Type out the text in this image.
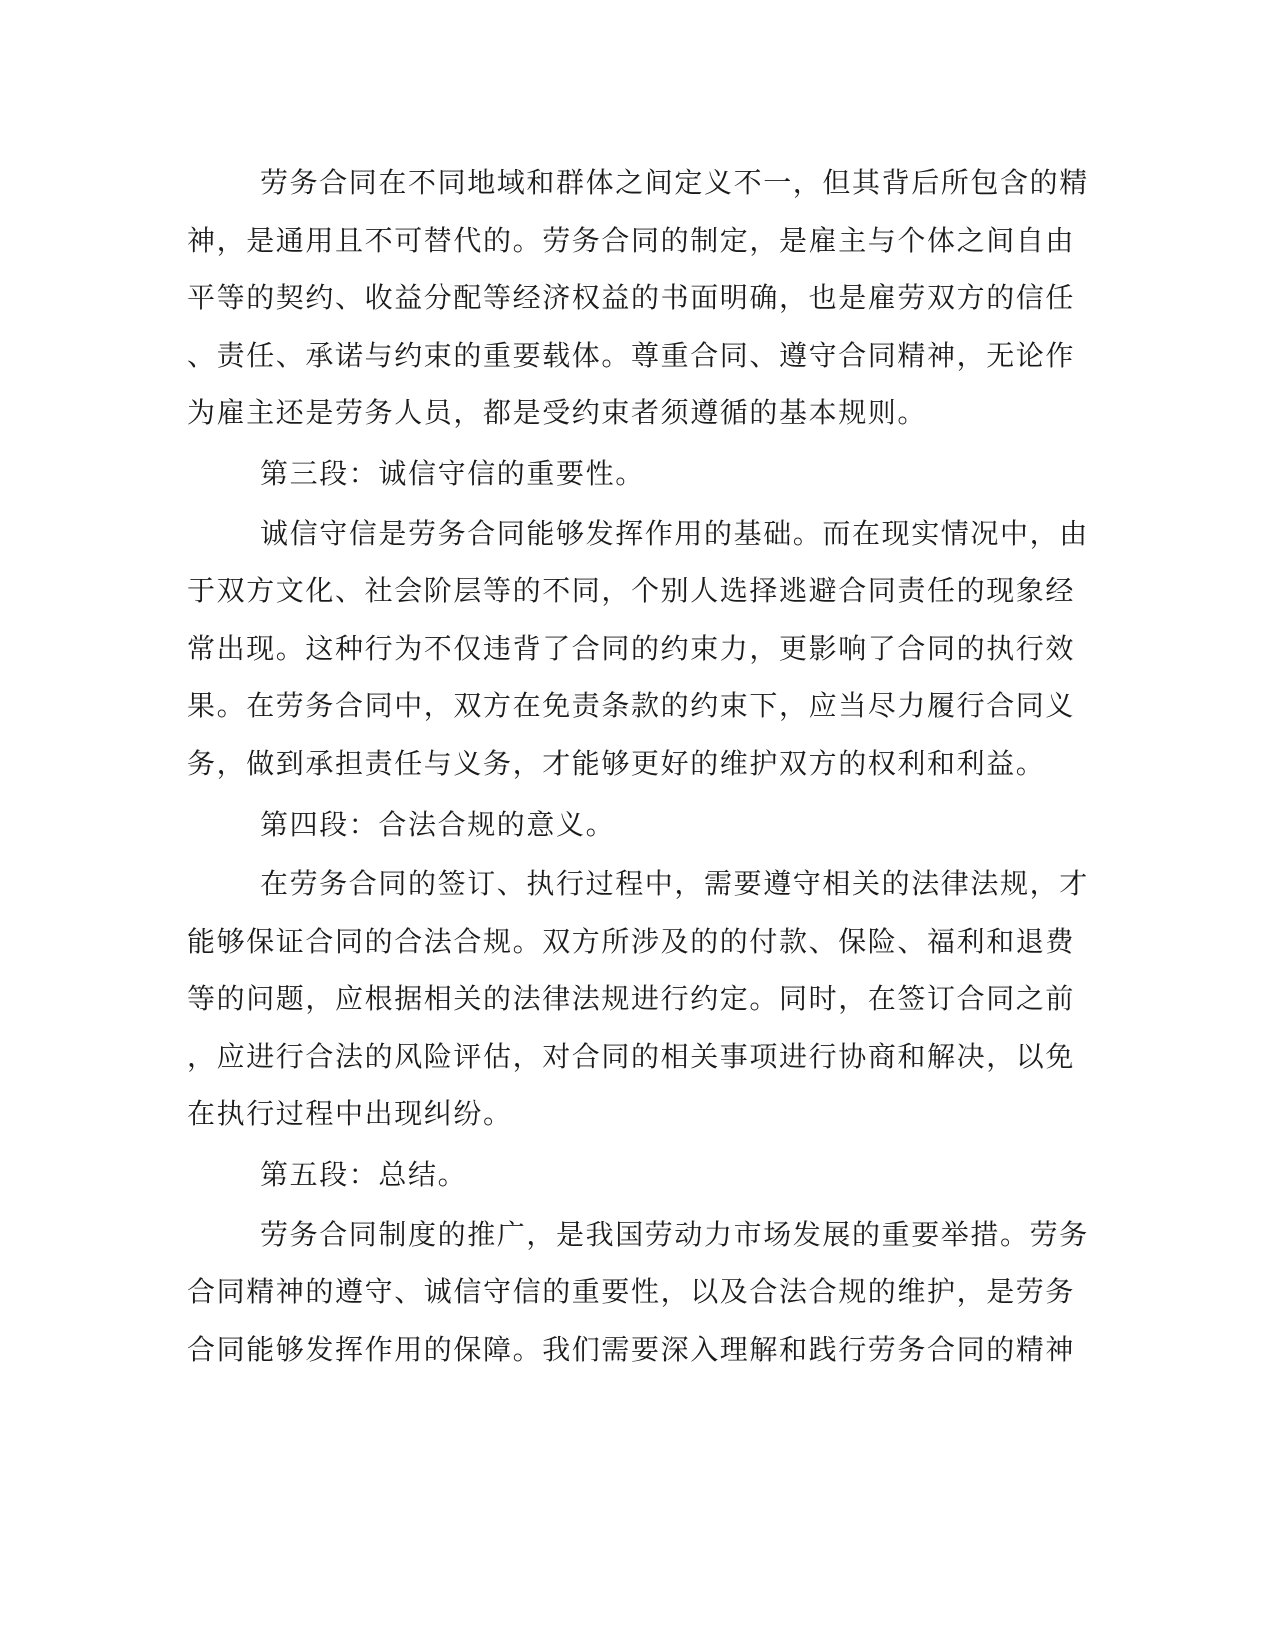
劳务合同在不同地域和群体之间定义不一，但其背后所包含的精
神，是通用且不可替代的。劳务合同的制定，是雇主与个体之间自由
平等的契约、收益分配等经济权益的书面明确，也是雇劳双方的信任
、责任、承诺与约束的重要载体。尊重合同、遵守合同精神，无论作
为雇主还是劳务人员，都是受约束者须遵循的基本规则。
第三段：诚信守信的重要性。
诚信守信是劳务合同能够发挥作用的基础。而在现实情况中，由
于双方文化、社会阶层等的不同，个别人选择逃避合同责任的现象经
常出现。这种行为不仅违背了合同的约束力，更影响了合同的执行效
果。在劳务合同中，双方在免责条款的约束下，应当尽力履行合同义
务，做到承担责任与义务，才能够更好的维护双方的权利和利益。
第四段：合法合规的意义。
在劳务合同的签订、执行过程中，需要遵守相关的法律法规，才
能够保证合同的合法合规。双方所涉及的的付款、保险、福利和退费
等的问题，应根据相关的法律法规进行约定。同时，在签订合同之前
，应进行合法的风险评估，对合同的相关事项进行协商和解决，以免
在执行过程中出现纠纷。
第五段：总结。
劳务合同制度的推广，是我国劳动力市场发展的重要举措。劳务
合同精神的遵守、诚信守信的重要性，以及合法合规的维护，是劳务
合同能够发挥作用的保障。我们需要深入理解和践行劳务合同的精神
